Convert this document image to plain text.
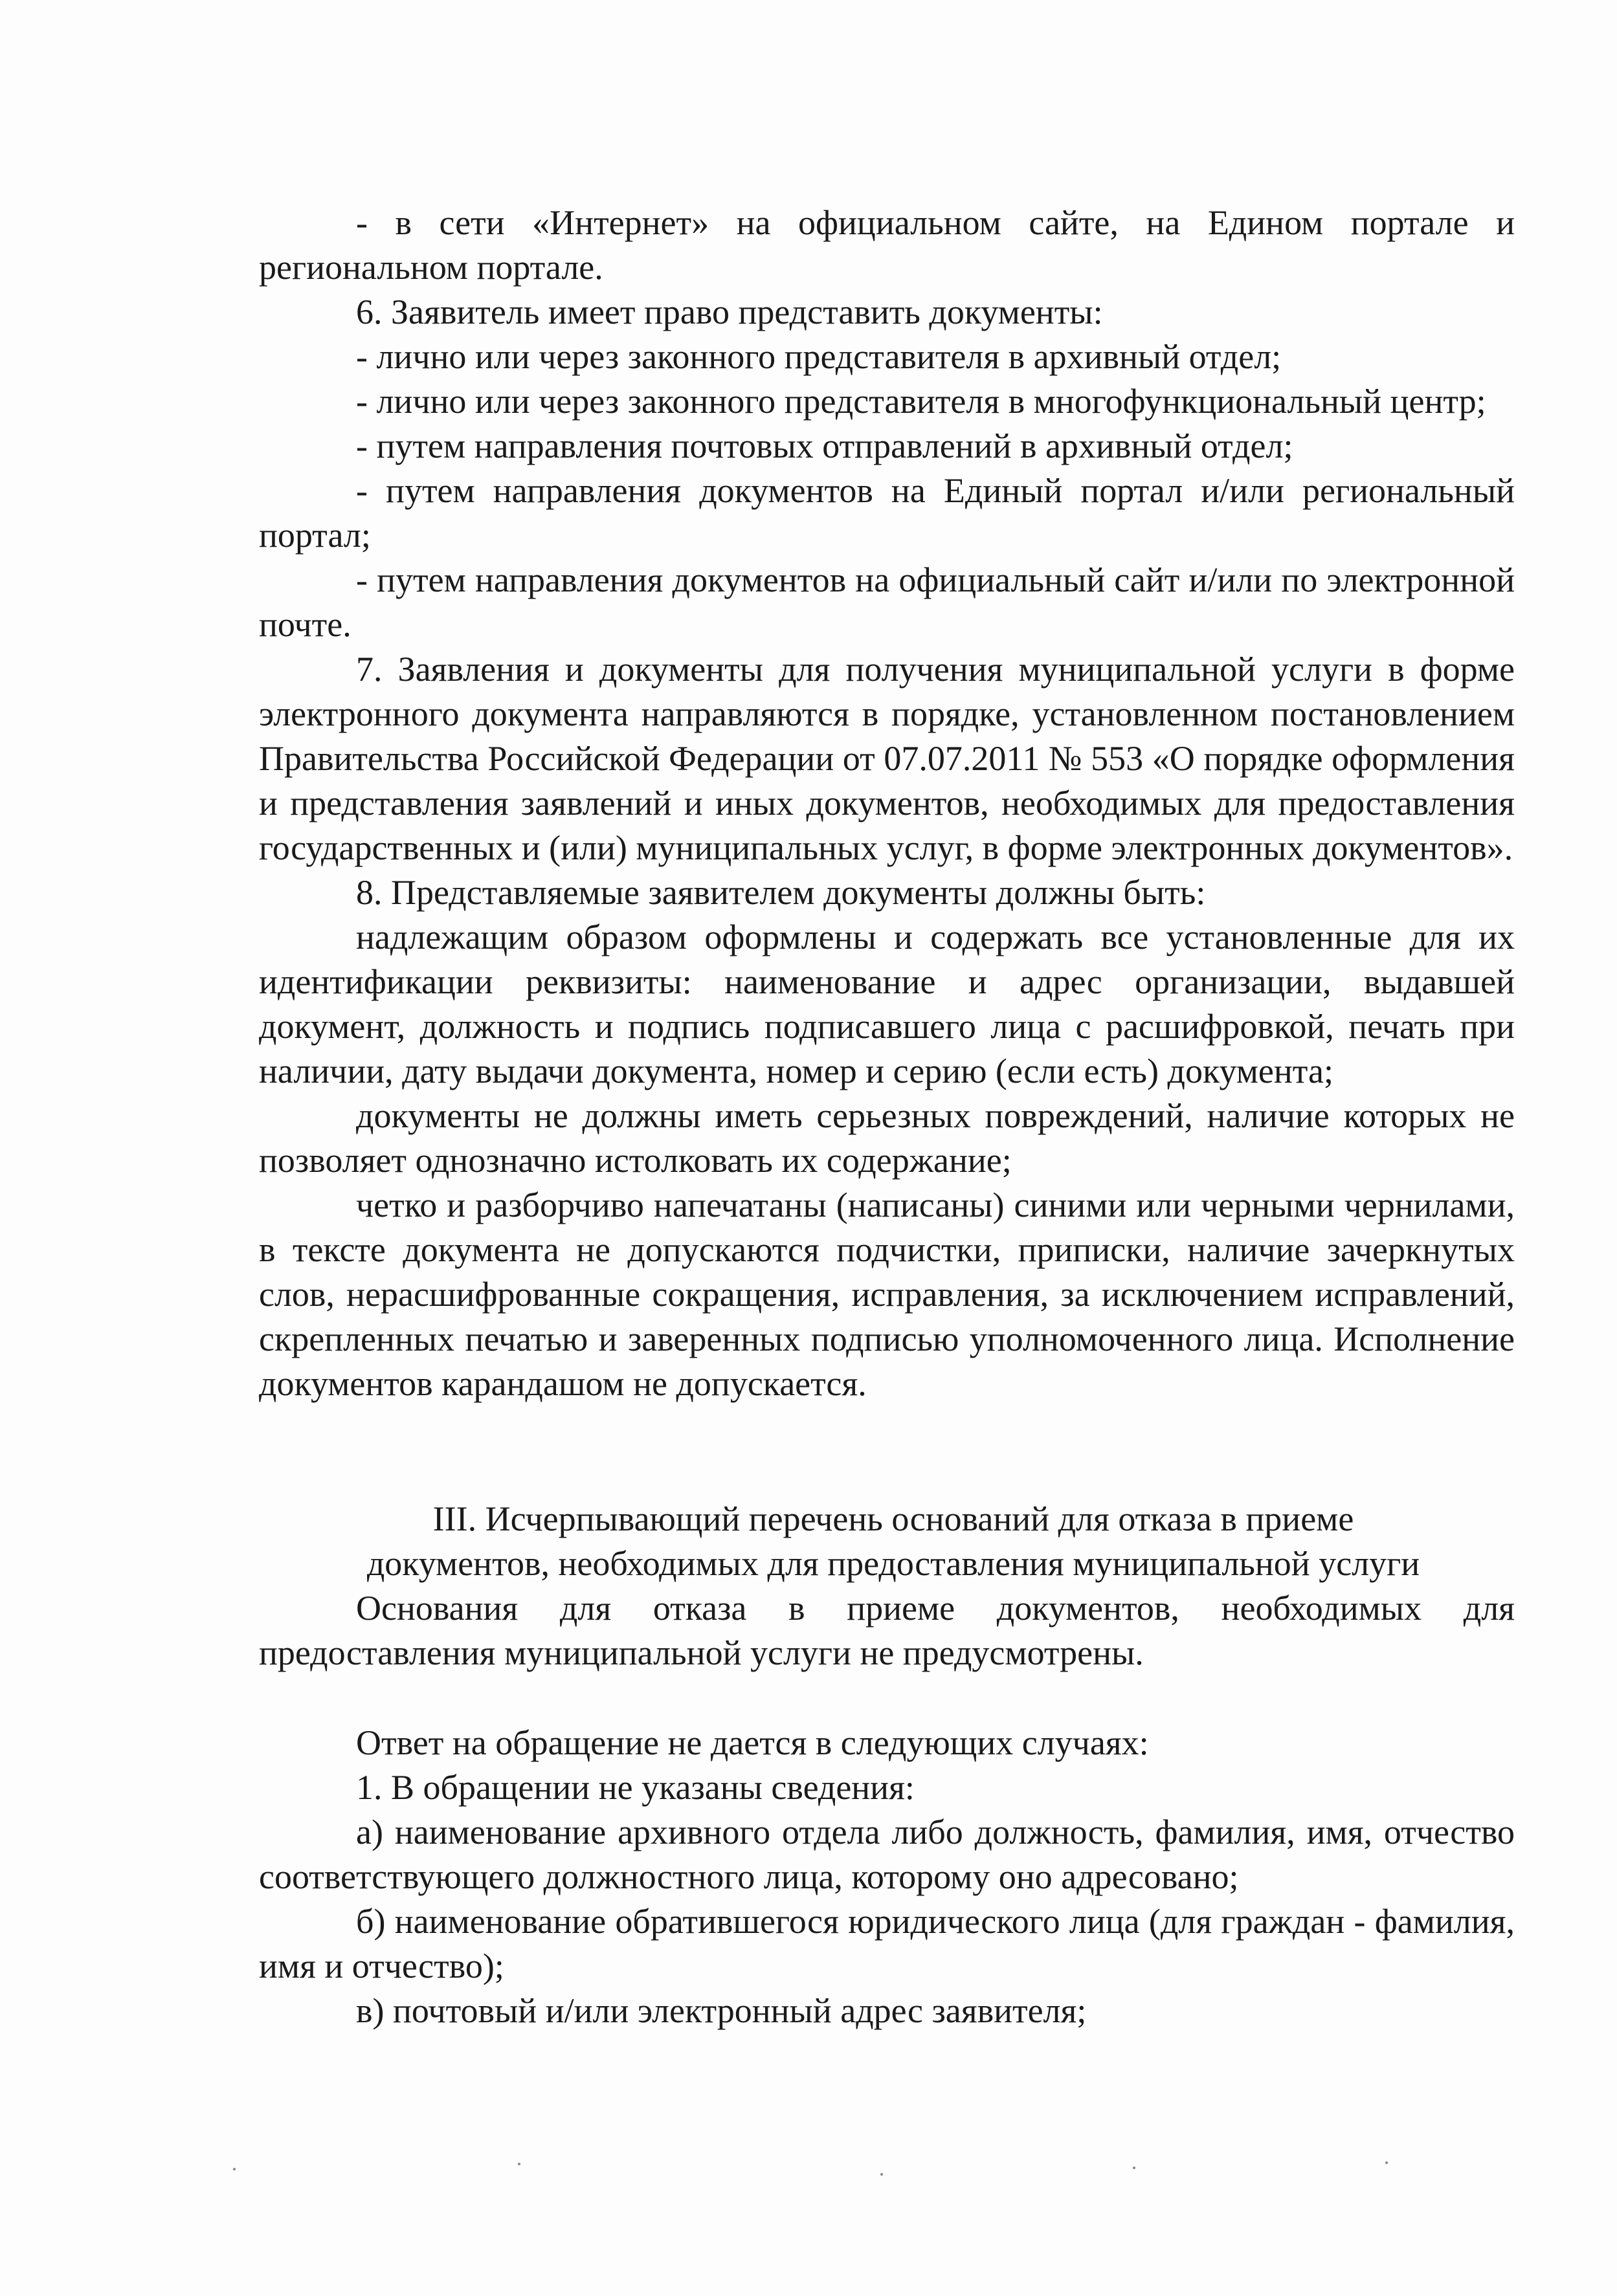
- в сети «Интернет» на официальном сайте, на Едином портале и региональном портале.

6. Заявитель имеет право представить документы:

- лично или через законного представителя в архивный отдел;

- лично или через законного представителя в многофункциональный центр;

- путем направления почтовых отправлений в архивный отдел;

- путем направления документов на Единый портал и/или региональный портал;

- путем направления документов на официальный сайт и/или по электронной почте.

7. Заявления и документы для получения муниципальной услуги в форме электронного документа направляются в порядке, установленном постановлением Правительства Российской Федерации от 07.07.2011 № 553 «О порядке оформления и представления заявлений и иных документов, необходимых для предоставления государственных и (или) муниципальных услуг, в форме электронных документов».

8. Представляемые заявителем документы должны быть:

надлежащим образом оформлены и содержать все установленные для их идентификации реквизиты: наименование и адрес организации, выдавшей документ, должность и подпись подписавшего лица с расшифровкой, печать при наличии, дату выдачи документа, номер и серию (если есть) документа;

документы не должны иметь серьезных повреждений, наличие которых не позволяет однозначно истолковать их содержание;

четко и разборчиво напечатаны (написаны) синими или черными чернилами, в тексте документа не допускаются подчистки, приписки, наличие зачеркнутых слов, нерасшифрованные сокращения, исправления, за исключением исправлений, скрепленных печатью и заверенных подписью уполномоченного лица. Исполнение документов карандашом не допускается.

III. Исчерпывающий перечень оснований для отказа в приеме

документов, необходимых для предоставления муниципальной услуги

Основания для отказа в приеме документов, необходимых для предоставления муниципальной услуги не предусмотрены.

Ответ на обращение не дается в следующих случаях:

1. В обращении не указаны сведения:

а) наименование архивного отдела либо должность, фамилия, имя, отчество соответствующего должностного лица, которому оно адресовано;

б) наименование обратившегося юридического лица (для граждан - фамилия, имя и отчество);

в) почтовый и/или электронный адрес заявителя;
